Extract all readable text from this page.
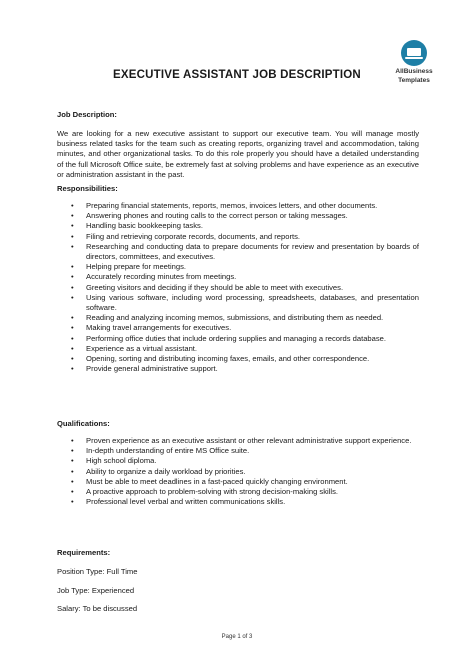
AllBusiness
Templates
EXECUTIVE ASSISTANT JOB DESCRIPTION
Job Description:
We are looking for a new executive assistant to support our executive team. You will manage mostly business related tasks for the team such as creating reports, organizing travel and accommodation, taking minutes, and other organizational tasks. To do this role properly you should have a detailed understanding of the full Microsoft Office suite, be extremely fast at solving problems and have experience as an executive or administration assistant in the past.
Responsibilities:
• Preparing financial statements, reports, memos, invoices letters, and other documents.
• Answering phones and routing calls to the correct person or taking messages.
• Handling basic bookkeeping tasks.
• Filing and retrieving corporate records, documents, and reports.
• Researching and conducting data to prepare documents for review and presentation by boards of directors, committees, and executives.
• Helping prepare for meetings.
• Accurately recording minutes from meetings.
• Greeting visitors and deciding if they should be able to meet with executives.
• Using various software, including word processing, spreadsheets, databases, and presentation software.
• Reading and analyzing incoming memos, submissions, and distributing them as needed.
• Making travel arrangements for executives.
• Performing office duties that include ordering supplies and managing a records database.
• Experience as a virtual assistant.
• Opening, sorting and distributing incoming faxes, emails, and other correspondence.
• Provide general administrative support.
Qualifications:
• Proven experience as an executive assistant or other relevant administrative support experience.
• In-depth understanding of entire MS Office suite.
• High school diploma.
• Ability to organize a daily workload by priorities.
• Must be able to meet deadlines in a fast-paced quickly changing environment.
• A proactive approach to problem-solving with strong decision-making skills.
• Professional level verbal and written communications skills.
Requirements:
Position Type: Full Time
Job Type: Experienced
Salary: To be discussed
Page 1 of 3
